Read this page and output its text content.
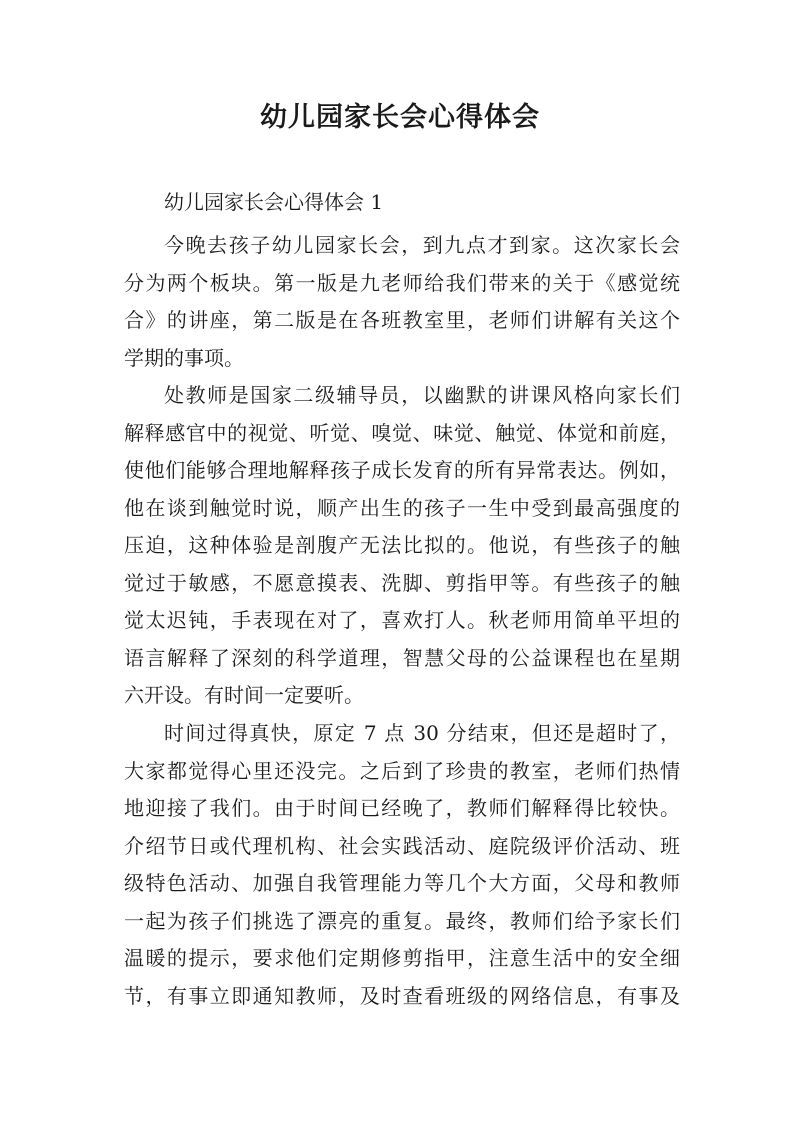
幼儿园家长会心得体会
幼儿园家长会心得体会 1
今晚去孩子幼儿园家长会，到九点才到家。这次家长会
分为两个板块。第一版是九老师给我们带来的关于《感觉统
合》的讲座，第二版是在各班教室里，老师们讲解有关这个
学期的事项。
处教师是国家二级辅导员，以幽默的讲课风格向家长们
解释感官中的视觉、听觉、嗅觉、味觉、触觉、体觉和前庭，
使他们能够合理地解释孩子成长发育的所有异常表达。例如，
他在谈到触觉时说，顺产出生的孩子一生中受到最高强度的
压迫，这种体验是剖腹产无法比拟的。他说，有些孩子的触
觉过于敏感，不愿意摸表、洗脚、剪指甲等。有些孩子的触
觉太迟钝，手表现在对了，喜欢打人。秋老师用简单平坦的
语言解释了深刻的科学道理，智慧父母的公益课程也在星期
六开设。有时间一定要听。
时间过得真快，原定 7 点 30 分结束，但还是超时了，
大家都觉得心里还没完。之后到了珍贵的教室，老师们热情
地迎接了我们。由于时间已经晚了，教师们解释得比较快。
介绍节日或代理机构、社会实践活动、庭院级评价活动、班
级特色活动、加强自我管理能力等几个大方面，父母和教师
一起为孩子们挑选了漂亮的重复。最终，教师们给予家长们
温暖的提示，要求他们定期修剪指甲，注意生活中的安全细
节，有事立即通知教师，及时查看班级的网络信息，有事及
